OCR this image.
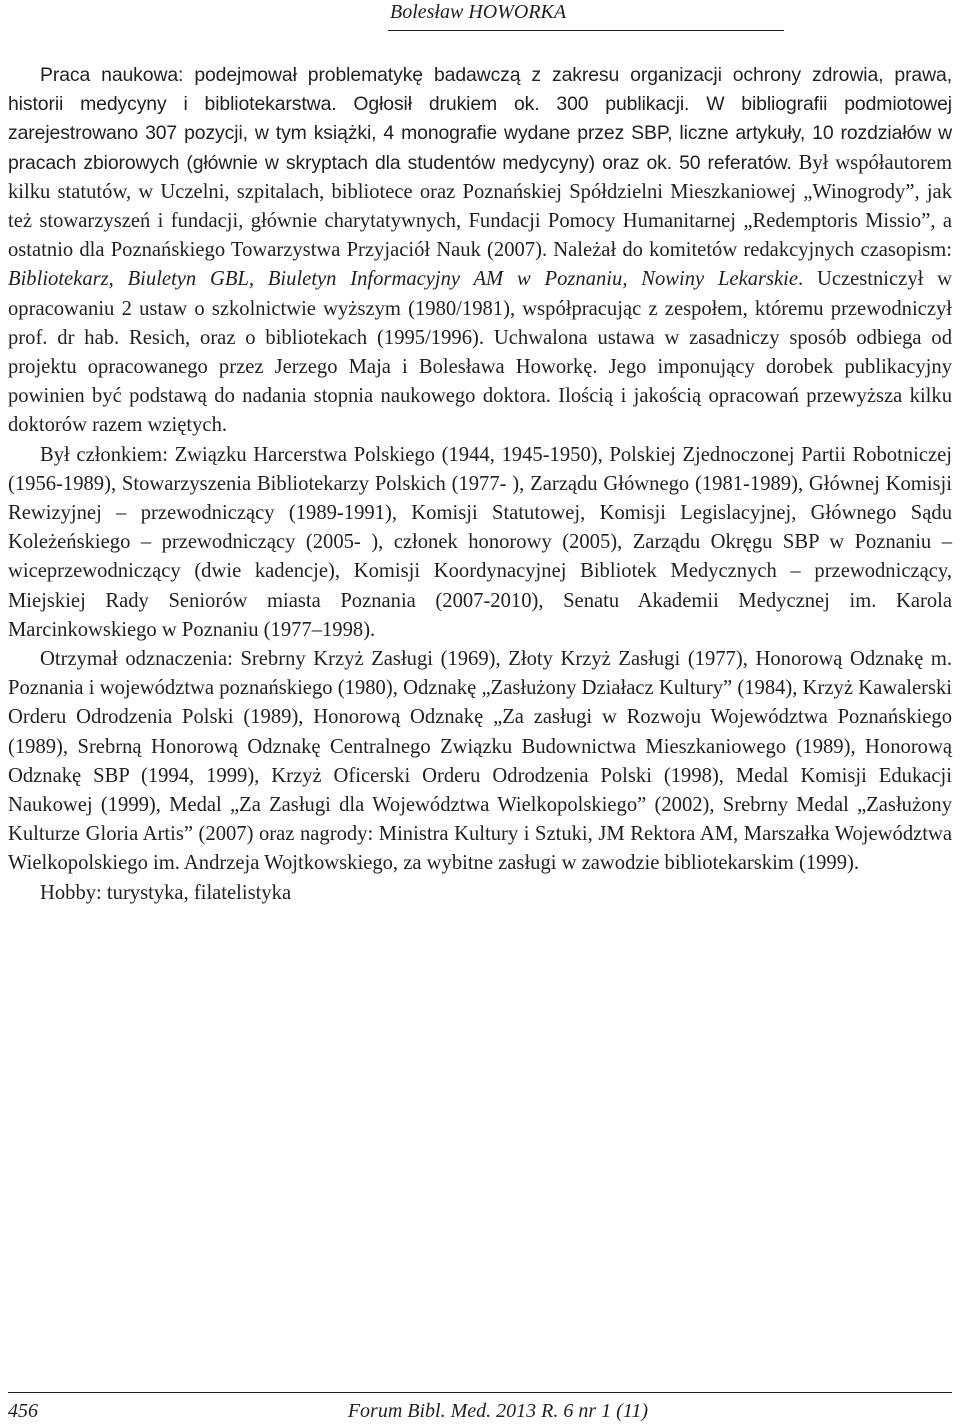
Bolesław HOWORKA

Praca naukowa: podejmował problematykę badawczą z zakresu organizacji ochrony zdrowia, prawa, historii medycyny i bibliotekarstwa. Ogłosił drukiem ok. 300 publikacji. W bibliografii podmiotowej zarejestrowano 307 pozycji, w tym książki, 4 monografie wydane przez SBP, liczne artykuły, 10 rozdziałów w pracach zbiorowych (głównie w skryptach dla studentów medycyny) oraz ok. 50 referatów. Był współautorem kilku statutów, w Uczelni, szpitalach, bibliotece oraz Poznańskiej Spółdzielni Mieszkaniowej „Winogrody”, jak też stowarzyszeń i fundacji, głównie charytatywnych, Fundacji Pomocy Humanitarnej „Redemptoris Missio”, a ostatnio dla Poznańskiego Towarzystwa Przyjaciół Nauk (2007). Należał do komitetów redakcyjnych czasopism: Bibliotekarz, Biuletyn GBL, Biuletyn Informacyjny AM w Poznaniu, Nowiny Lekarskie. Uczestniczył w opracowaniu 2 ustaw o szkolnictwie wyższym (1980/1981), współpracując z zespołem, któremu przewodniczył prof. dr hab. Resich, oraz o bibliotekach (1995/1996). Uchwalona ustawa w zasadniczy sposób odbiega od projektu opracowanego przez Jerzego Maja i Bolesława Howorkę. Jego imponujący dorobek publikacyjny powinien być podstawą do nadania stopnia naukowego doktora. Ilością i jakością opracowań przewyższa kilku doktorów razem wziętych.

Był członkiem: Związku Harcerstwa Polskiego (1944, 1945-1950), Polskiej Zjednoczonej Partii Robotniczej (1956-1989), Stowarzyszenia Bibliotekarzy Polskich (1977- ), Zarządu Głównego (1981-1989), Głównej Komisji Rewizyjnej – przewodniczący (1989-1991), Komisji Statutowej, Komisji Legislacyjnej, Głównego Sądu Koleżeńskiego – przewodniczący (2005- ), członek honorowy (2005), Zarządu Okręgu SBP w Poznaniu – wiceprzewodniczący (dwie kadencje), Komisji Koordynacyjnej Bibliotek Medycznych – przewodniczący, Miejskiej Rady Seniorów miasta Poznania (2007-2010), Senatu Akademii Medycznej im. Karola Marcinkowskiego w Poznaniu (1977–1998).

Otrzymał odznaczenia: Srebrny Krzyż Zasługi (1969), Złoty Krzyż Zasługi (1977), Honorową Odznakę m. Poznania i województwa poznańskiego (1980), Odznakę „Zasłużony Działacz Kultury” (1984), Krzyż Kawalerski Orderu Odrodzenia Polski (1989), Honorową Odznakę „Za zasługi w Rozwoju Województwa Poznańskiego (1989), Srebrną Honorową Odznakę Centralnego Związku Budownictwa Mieszkaniowego (1989), Honorową Odznakę SBP (1994, 1999), Krzyż Oficerski Orderu Odrodzenia Polski (1998), Medal Komisji Edukacji Naukowej (1999), Medal „Za Zasługi dla Województwa Wielkopolskiego” (2002), Srebrny Medal „Zasłużony Kulturze Gloria Artis” (2007) oraz nagrody: Ministra Kultury i Sztuki, JM Rektora AM, Marszałka Województwa Wielkopolskiego im. Andrzeja Wojtkowskiego, za wybitne zasługi w zawodzie bibliotekarskim (1999).

Hobby: turystyka, filatelistyka

456	Forum Bibl. Med. 2013 R. 6 nr 1 (11)
